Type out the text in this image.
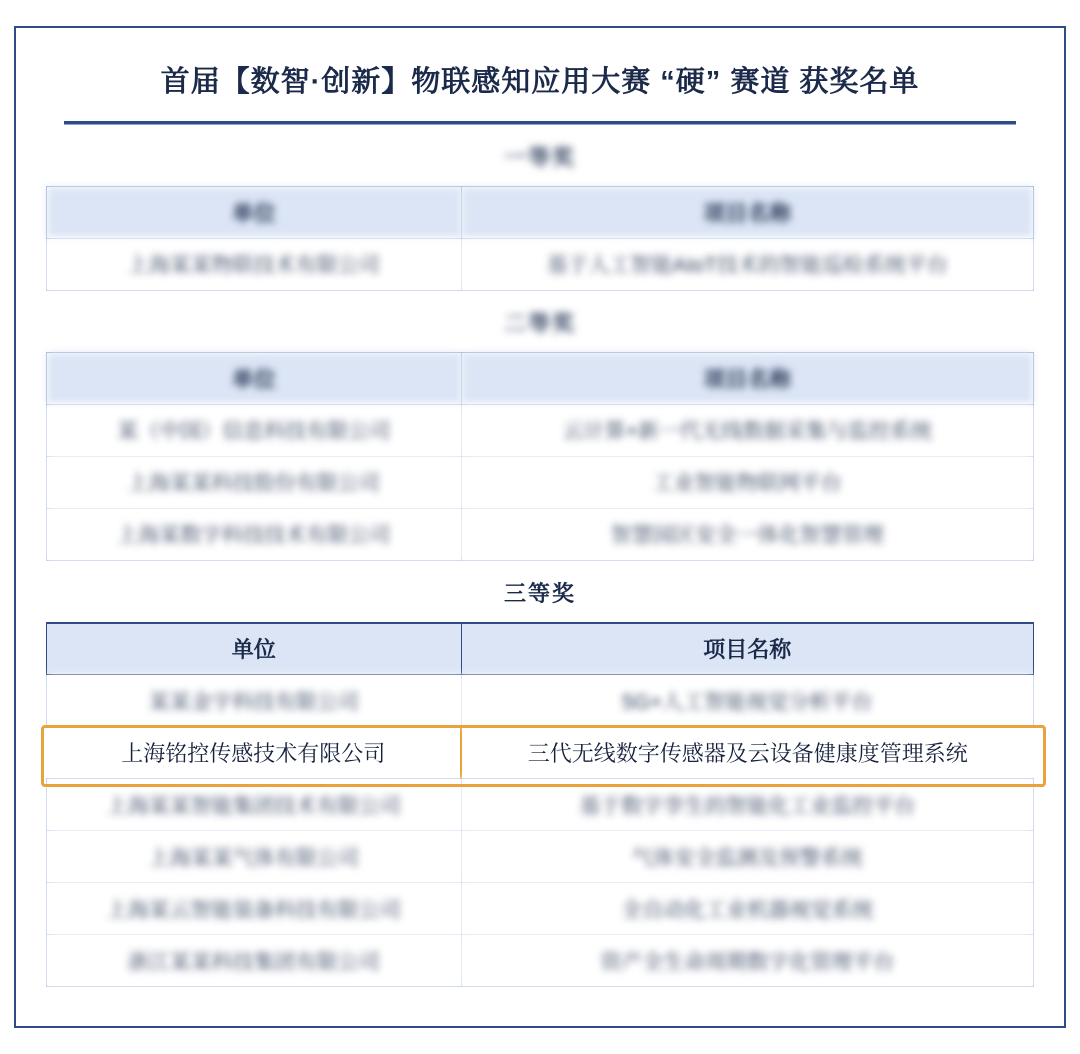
首届【数智·创新】物联感知应用大赛 “硬” 赛道 获奖名单
一等奖
单位	项目名称
上海某某物联技术有限公司	基于人工智能AIoT技术的智能巡检系统平台
二等奖
单位	项目名称
某（中国）信息科技有限公司	云计算+新一代无线数据采集与监控系统
上海某某科技股份有限公司	工业智能物联网平台
上海某数字科技技术有限公司	智慧园区安全一体化智慧管理
三等奖
单位	项目名称
某某金宇科技有限公司	5G+人工智能视觉分析平台
上海铭控传感技术有限公司	三代无线数字传感器及云设备健康度管理系统
上海某某智能集团技术有限公司	基于数字孪生的智能化工业监控平台
上海某某气体有限公司	气体安全监测及预警系统
上海某云智能装备科技有限公司	全自动化工业机器视觉系统
浙江某某科技集团有限公司	资产全生命周期数字化管理平台
